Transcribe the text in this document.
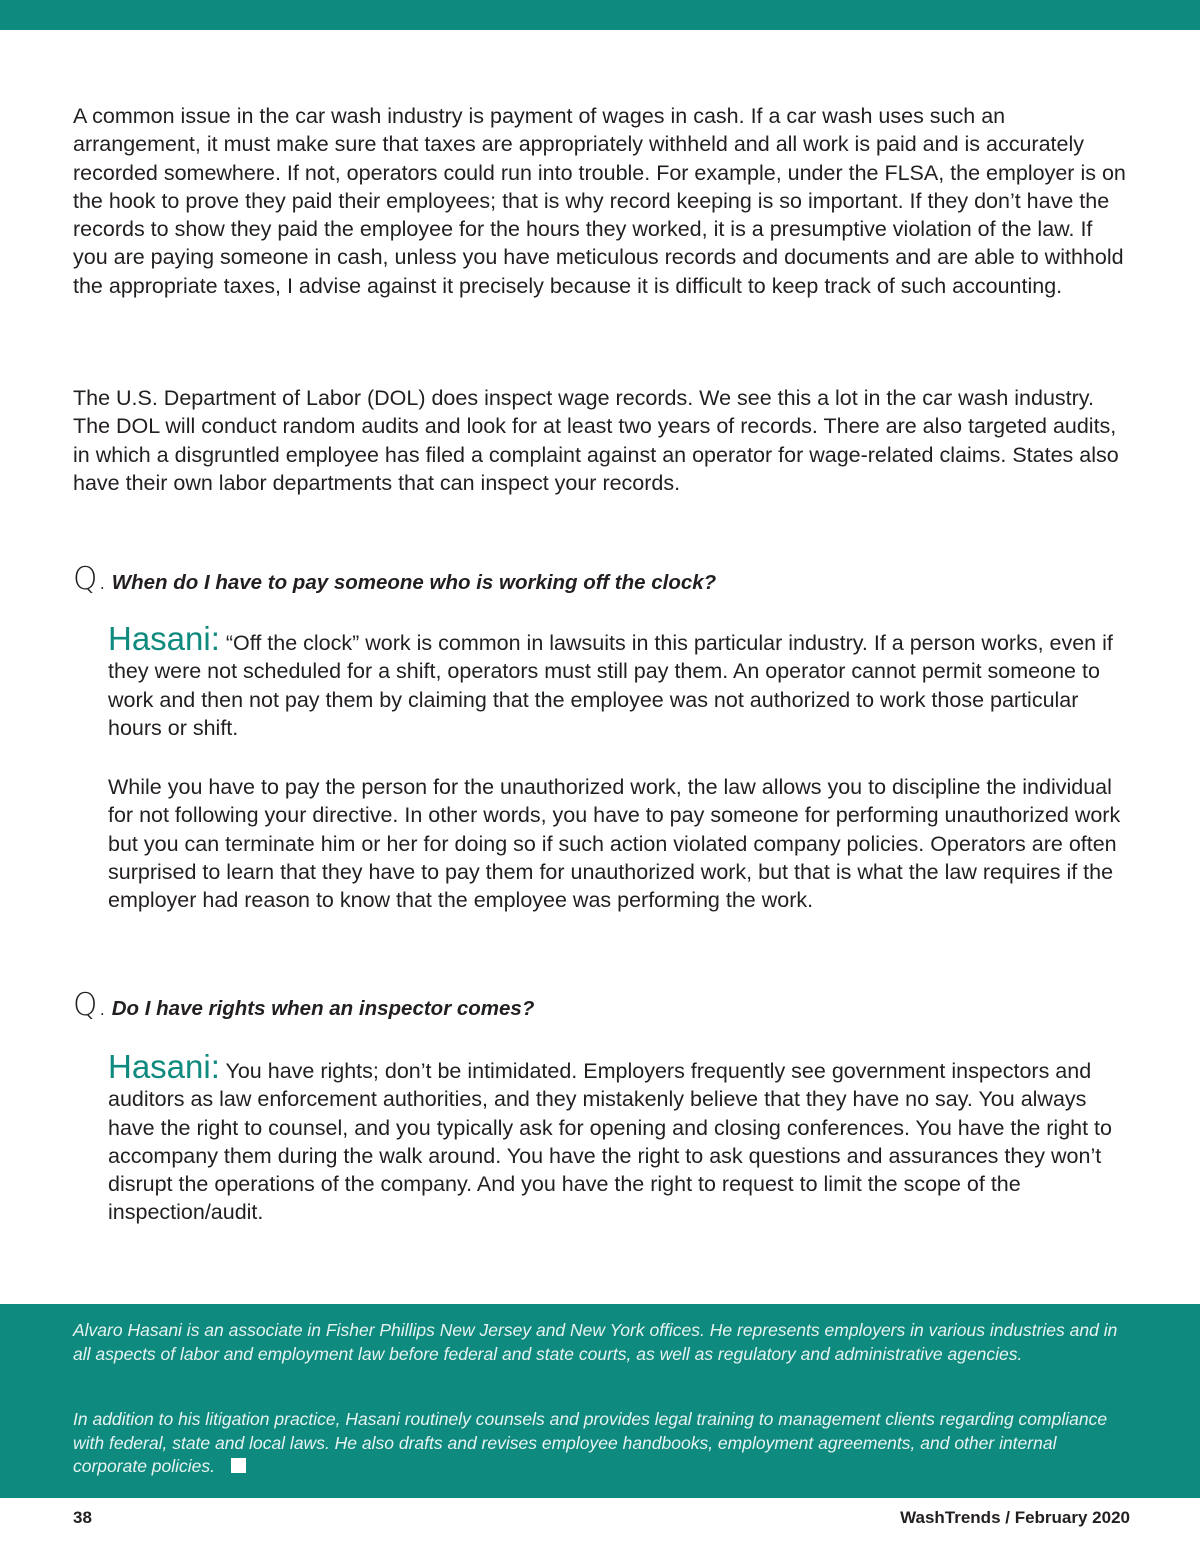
A common issue in the car wash industry is payment of wages in cash. If a car wash uses such an arrangement, it must make sure that taxes are appropriately withheld and all work is paid and is accurately recorded somewhere. If not, operators could run into trouble. For example, under the FLSA, the employer is on the hook to prove they paid their employees; that is why record keeping is so important. If they don’t have the records to show they paid the employee for the hours they worked, it is a presumptive violation of the law. If you are paying someone in cash, unless you have meticulous records and documents and are able to withhold the appropriate taxes, I advise against it precisely because it is difficult to keep track of such accounting.

The U.S. Department of Labor (DOL) does inspect wage records. We see this a lot in the car wash industry. The DOL will conduct random audits and look for at least two years of records. There are also targeted audits, in which a disgruntled employee has filed a complaint against an operator for wage-related claims. States also have their own labor departments that can inspect your records.

Q. When do I have to pay someone who is working off the clock?

Hasani: “Off the clock” work is common in lawsuits in this particular industry. If a person works, even if they were not scheduled for a shift, operators must still pay them. An operator cannot permit someone to work and then not pay them by claiming that the employee was not authorized to work those particular hours or shift.

While you have to pay the person for the unauthorized work, the law allows you to discipline the individual for not following your directive. In other words, you have to pay someone for performing unauthorized work but you can terminate him or her for doing so if such action violated company policies. Operators are often surprised to learn that they have to pay them for unauthorized work, but that is what the law requires if the employer had reason to know that the employee was performing the work.

Q. Do I have rights when an inspector comes?

Hasani: You have rights; don’t be intimidated. Employers frequently see government inspectors and auditors as law enforcement authorities, and they mistakenly believe that they have no say. You always have the right to counsel, and you typically ask for opening and closing conferences. You have the right to accompany them during the walk around. You have the right to ask questions and assurances they won’t disrupt the operations of the company. And you have the right to request to limit the scope of the inspection/audit.

Alvaro Hasani is an associate in Fisher Phillips New Jersey and New York offices. He represents employers in various industries and in all aspects of labor and employment law before federal and state courts, as well as regulatory and administrative agencies.

In addition to his litigation practice, Hasani routinely counsels and provides legal training to management clients regarding compliance with federal, state and local laws. He also drafts and revises employee handbooks, employment agreements, and other internal corporate policies.

38	WashTrends / February 2020
